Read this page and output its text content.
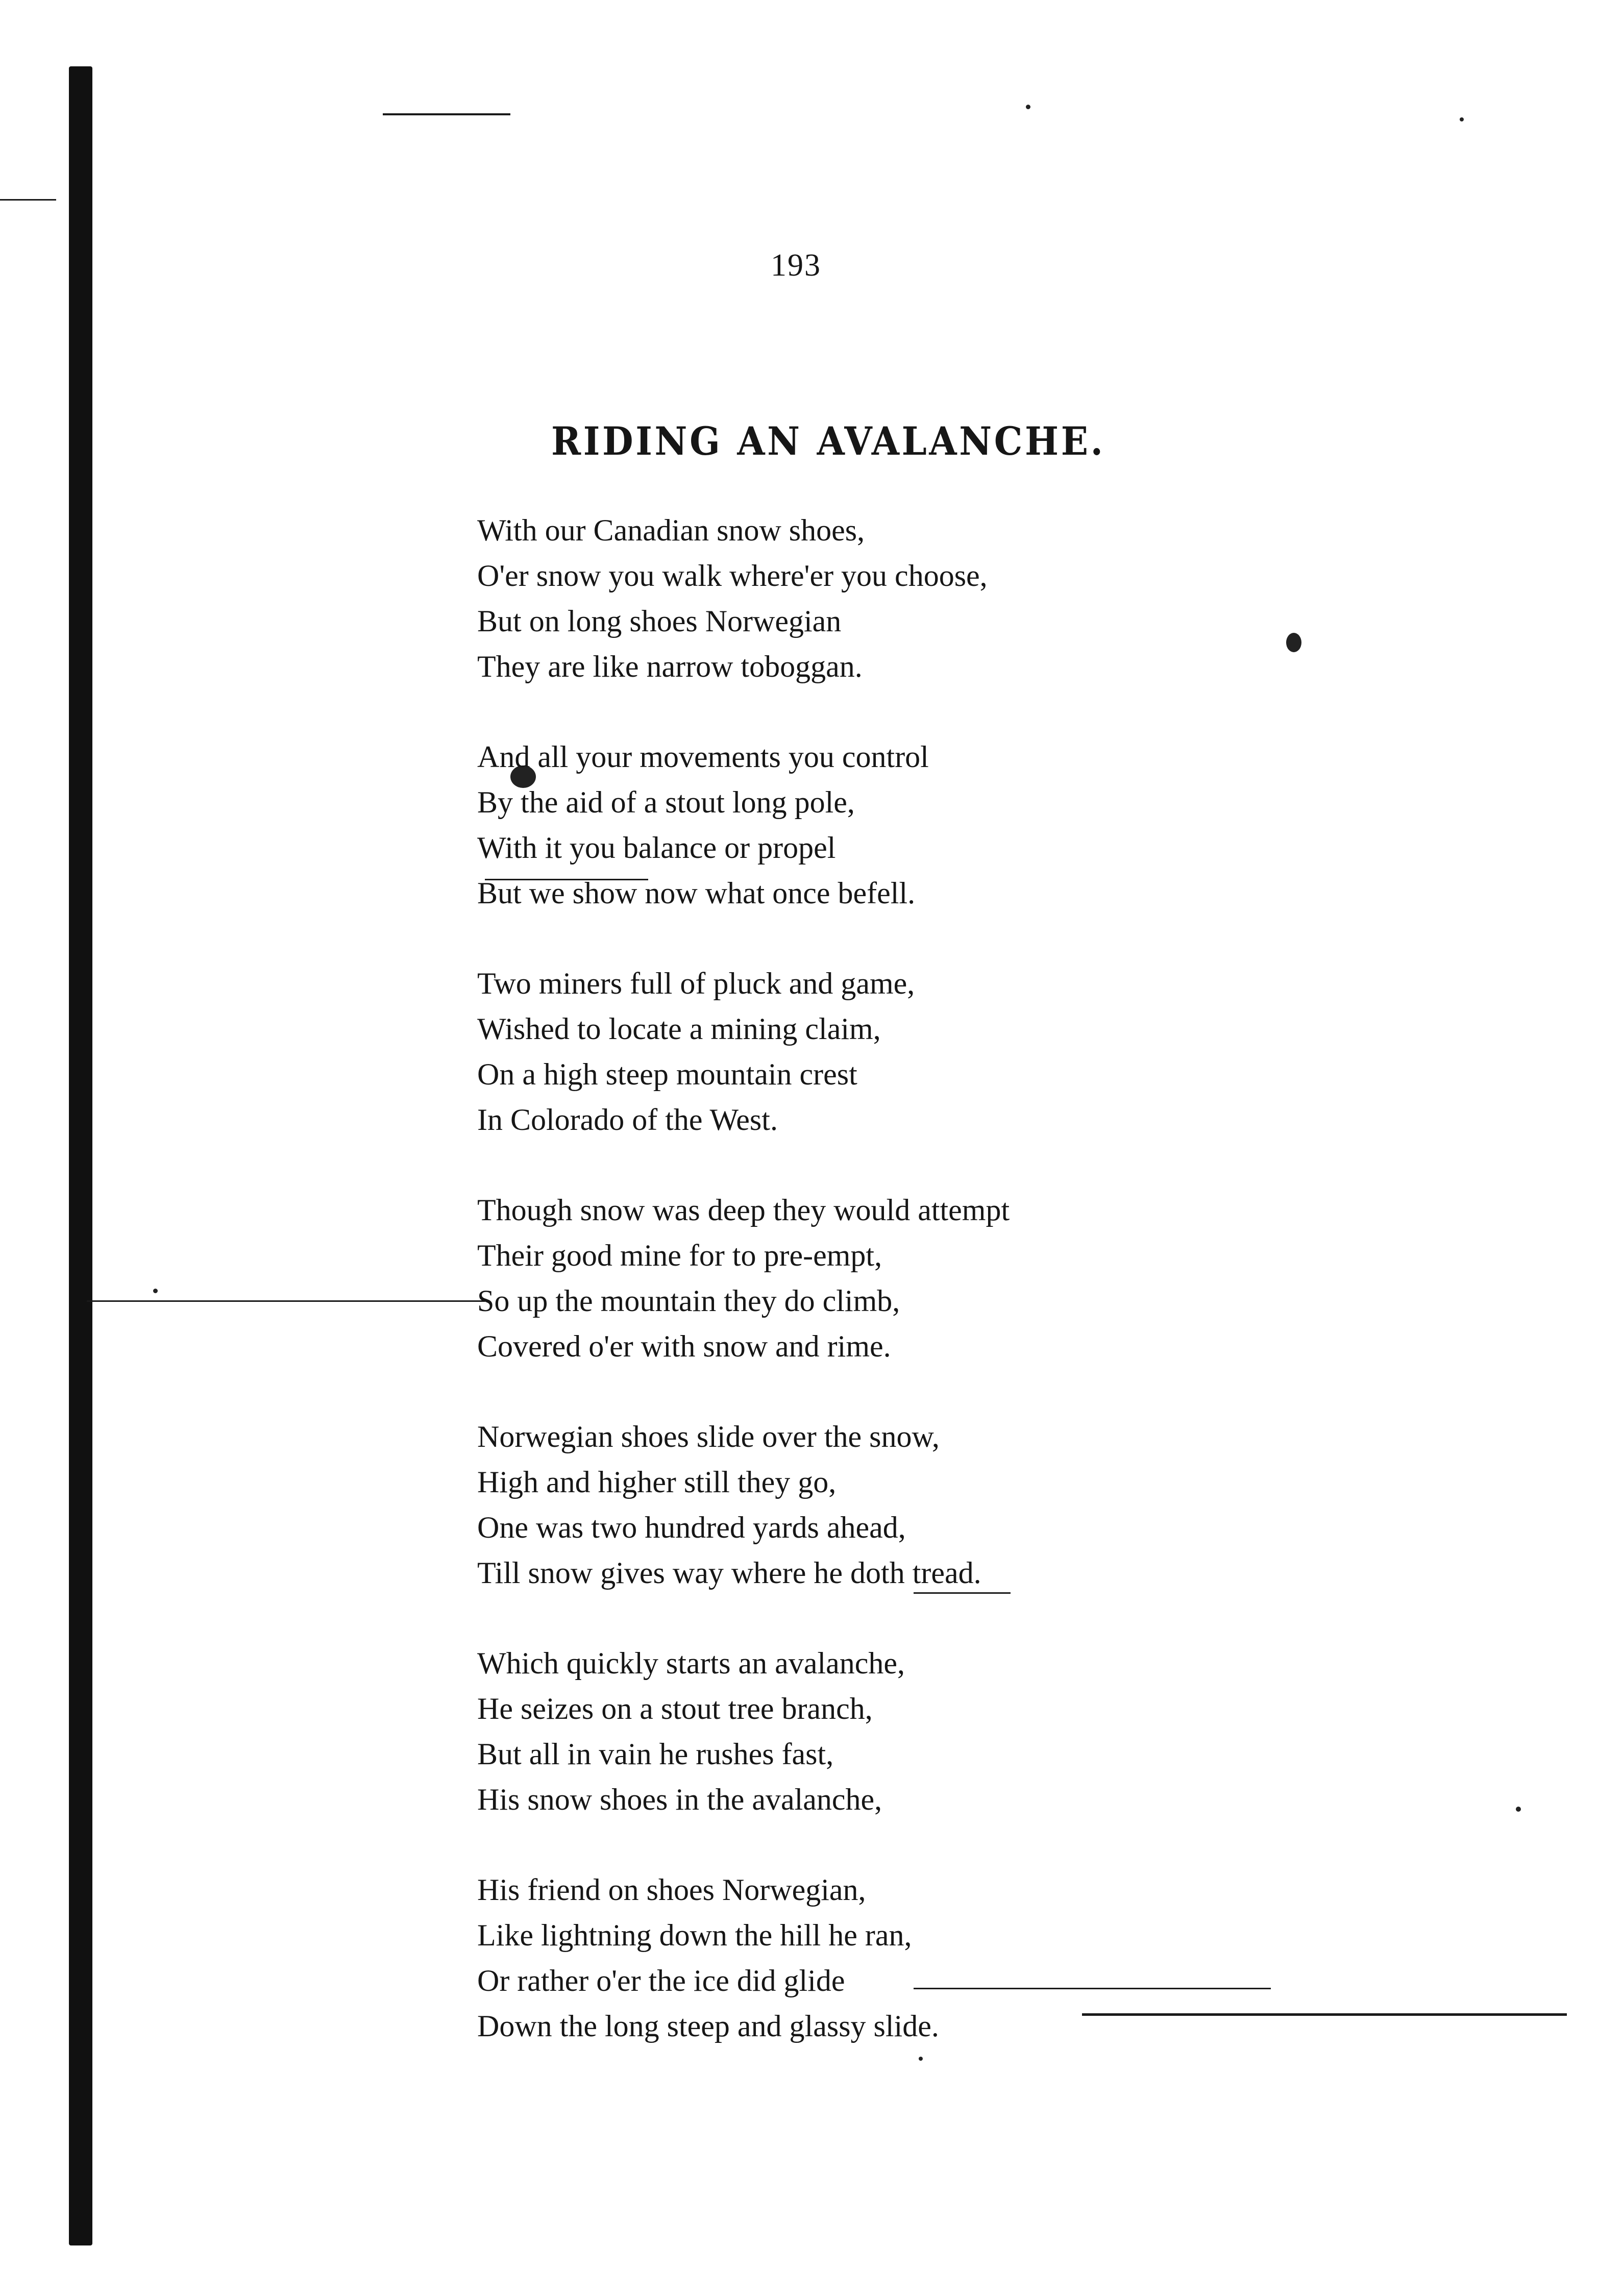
193
RIDING AN AVALANCHE.
With our Canadian snow shoes,
O'er snow you walk where'er you choose,
But on long shoes Norwegian
They are like narrow toboggan.
And all your movements you control
By the aid of a stout long pole,
With it you balance or propel
But we show now what once befell.
Two miners full of pluck and game,
Wished to locate a mining claim,
On a high steep mountain crest
In Colorado of the West.
Though snow was deep they would attempt
Their good mine for to pre-empt,
So up the mountain they do climb,
Covered o'er with snow and rime.
Norwegian shoes slide over the snow,
High and higher still they go,
One was two hundred yards ahead,
Till snow gives way where he doth tread.
Which quickly starts an avalanche,
He seizes on a stout tree branch,
But all in vain he rushes fast,
His snow shoes in the avalanche,
His friend on shoes Norwegian,
Like lightning down the hill he ran,
Or rather o'er the ice did glide
Down the long steep and glassy slide.
